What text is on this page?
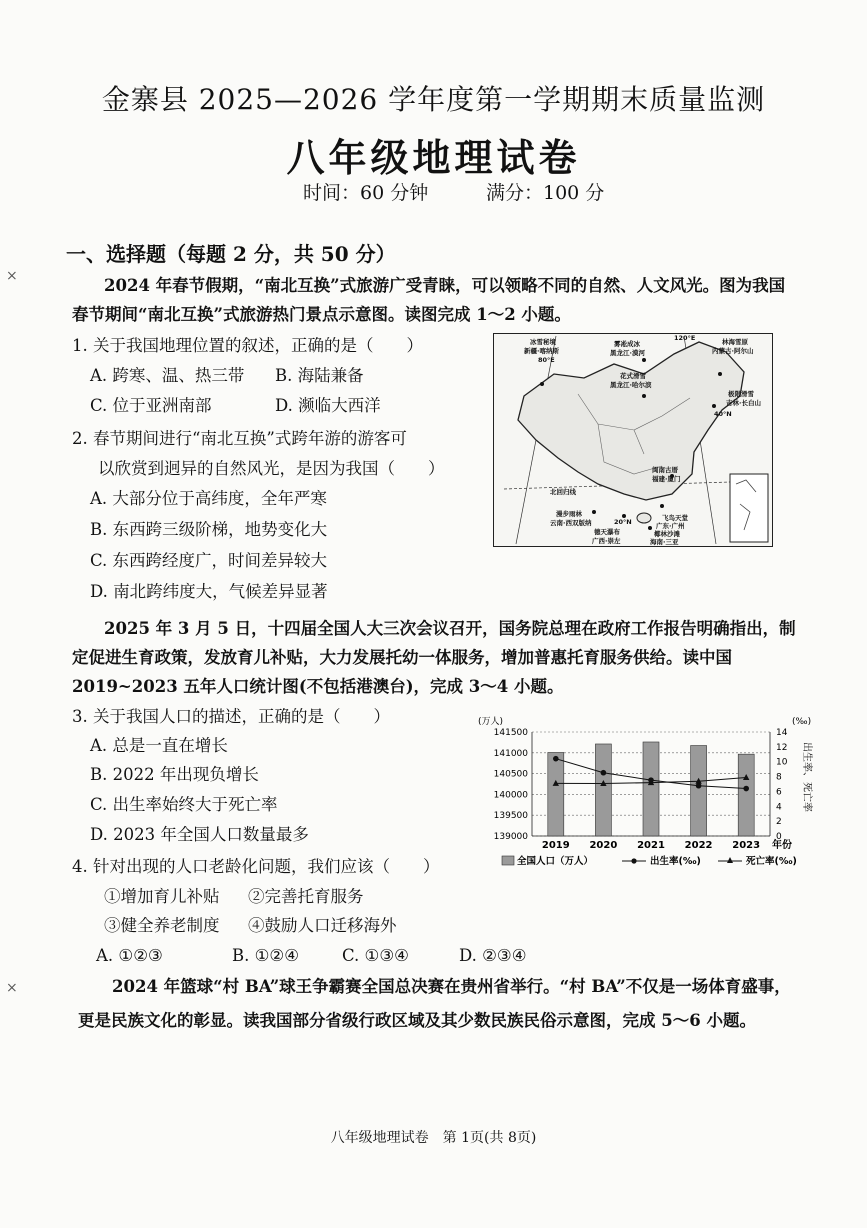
金寨县 2025—2026 学年度第一学期期末质量监测
八年级地理试卷
时间：60 分钟	满分：100 分
一、选择题（每题 2 分，共 50 分）
2024 年春节假期，“南北互换”式旅游广受青睐，可以领略不同的自然、人文风光。图为我国
春节期间“南北互换”式旅游热门景点示意图。读图完成 1～2 小题。
1. 关于我国地理位置的叙述，正确的是（　　）
A. 跨寒、温、热三带 B. 海陆兼备
C. 位于亚洲南部	D. 濒临大西洋
2. 春节期间进行“南北互换”式跨年游的游客可
以欣赏到迥异的自然风光，是因为我国（　　）
A. 大部分位于高纬度，全年严寒
B. 东西跨三级阶梯，地势变化大
C. 东西跨经度广，时间差异较大
D. 南北跨纬度大，气候差异显著
冰雪秘境
新疆·喀纳斯
80°E
雾凇成冰
黑龙江·漠河
120°E	林海雪原
内蒙古·阿尔山
花式滑雪
黑龙江·哈尔滨
40°N
极限滑雪
吉林·长白山
北回归线
漫步雨林
云南·西双版纳	20°N	飞鸟天堂
广东·广州
椰林沙滩
海南·三亚
德天瀑布
广西·崇左
闽南古厝
福建·厦门
2025 年 3 月 5 日，十四届全国人大三次会议召开，国务院总理在政府工作报告明确指出，制
定促进生育政策，发放育儿补贴，大力发展托幼一体服务，增加普惠托育服务供给。读中国
2019~2023 五年人口统计图(不包括港澳台)，完成 3～4 小题。
3. 关于我国人口的描述，正确的是（　　）
A. 总是一直在增长
B. 2022 年出现负增长
C. 出生率始终大于死亡率
D. 2023 年全国人口数量最多
(万人)	(‰)
141500
141000
140500
140000
139500
139000
14
12
10
8
6
4
2
0
出生率、死亡率
2019 2020 2021 2022 2023 年份
全国人口（万人）	出生率(‰)	死亡率(‰)
4. 针对出现的人口老龄化问题，我们应该（　　）
①增加育儿补贴 ②完善托育服务
③健全养老制度 ④鼓励人口迁移海外
A. ①②③	B. ①②④	C. ①③④	D. ②③④
2024 年篮球“村 BA”球王争霸赛全国总决赛在贵州省举行。“村 BA”不仅是一场体育盛事，
更是民族文化的彰显。读我国部分省级行政区域及其少数民族民俗示意图，完成 5～6 小题。
八年级地理试卷　第 1页(共 8页)
×
×
